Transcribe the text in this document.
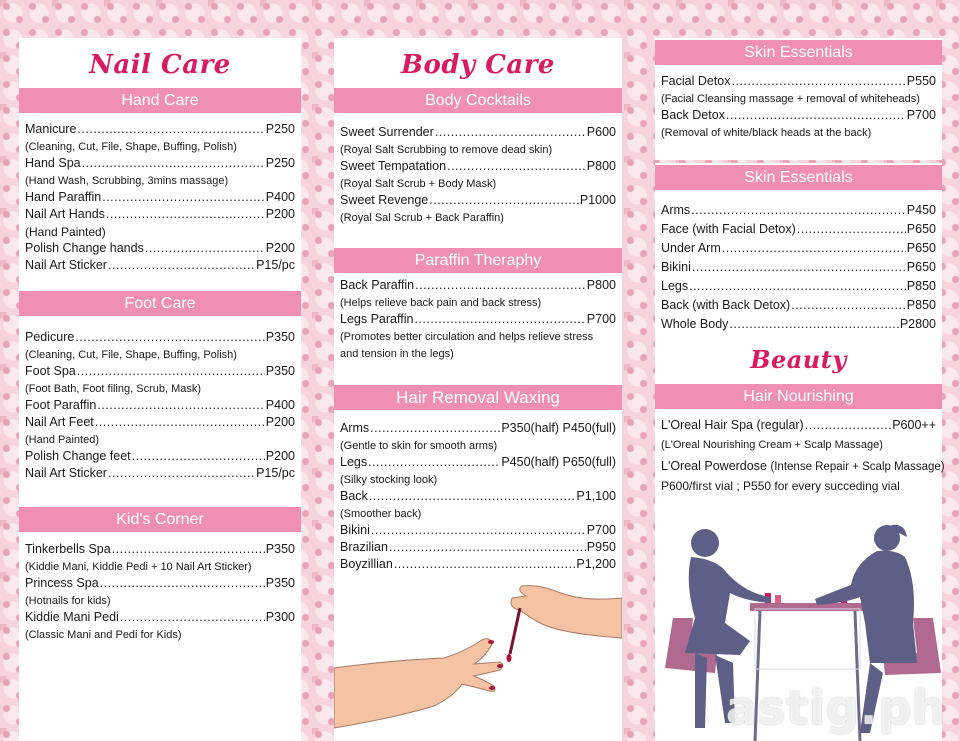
Nail Care
Hand Care
Manicure .....	P250
(Cleaning, Cut, File, Shape, Buffing, Polish)
Hand Spa .....	P250
(Hand Wash, Scrubbing, 3mins massage)
Hand Paraffin .....	P400
Nail Art Hands .....	P200
(Hand Painted)
Polish Change hands .....	P200
Nail Art Sticker .....	P15/pc
Foot Care
Pedicure .....	P350
(Cleaning, Cut, File, Shape, Buffing, Polish)
Foot Spa .....	P350
(Foot Bath, Foot filing, Scrub, Mask)
Foot Paraffin .....	P400
Nail Art Feet .....	P200
(Hand Painted)
Polish Change feet .....	P200
Nail Art Sticker .....	P15/pc
Kid's Corner
Tinkerbells Spa .....	P350
(Kiddie Mani, Kiddie Pedi + 10 Nail Art Sticker)
Princess Spa .....	P350
(Hotnails for kids)
Kiddie Mani Pedi .....	P300
(Classic Mani and Pedi for Kids)
Body Care
Body Cocktails
Sweet Surrender .....	P600
(Royal Salt Scrubbing to remove dead skin)
Sweet Tempatation .....	P800
(Royal Salt Scrub + Body Mask)
Sweet Revenge .....	P1000
(Royal Sal Scrub + Back Paraffin)
Paraffin Theraphy
Back Paraffin .....	P800
(Helps relieve back pain and back stress)
Legs Paraffin .....	P700
(Promotes better circulation and helps relieve stress
and tension in the legs)
Hair Removal Waxing
Arms .....	P350(half) P450(full)
(Gentle to skin for smooth arms)
Legs .....	P450(half) P650(full)
(Silky stocking look)
Back .....	P1,100
(Smoother back)
Bikini .....	P700
Brazilian .....	P950
Boyzillian .....	P1,200
Skin Essentials
Facial Detox .....	P550
(Facial Cleansing massage + removal of whiteheads)
Back Detox .....	P700
(Removal of white/black heads at the back)
Skin Essentials
Arms .....	P450
Face (with Facial Detox) .....	P650
Under Arm .....	P650
Bikini .....	P650
Legs .....	P850
Back (with Back Detox) .....	P850
Whole Body .....	P2800
Beauty
Hair Nourishing
L'Oreal Hair Spa (regular) .....	P600++
(L'Oreal Nourishing Cream + Scalp Massage)
L'Oreal Powerdose (Intense Repair + Scalp Massage)
P600/first vial ; P550 for every succeding vial
astig.ph
